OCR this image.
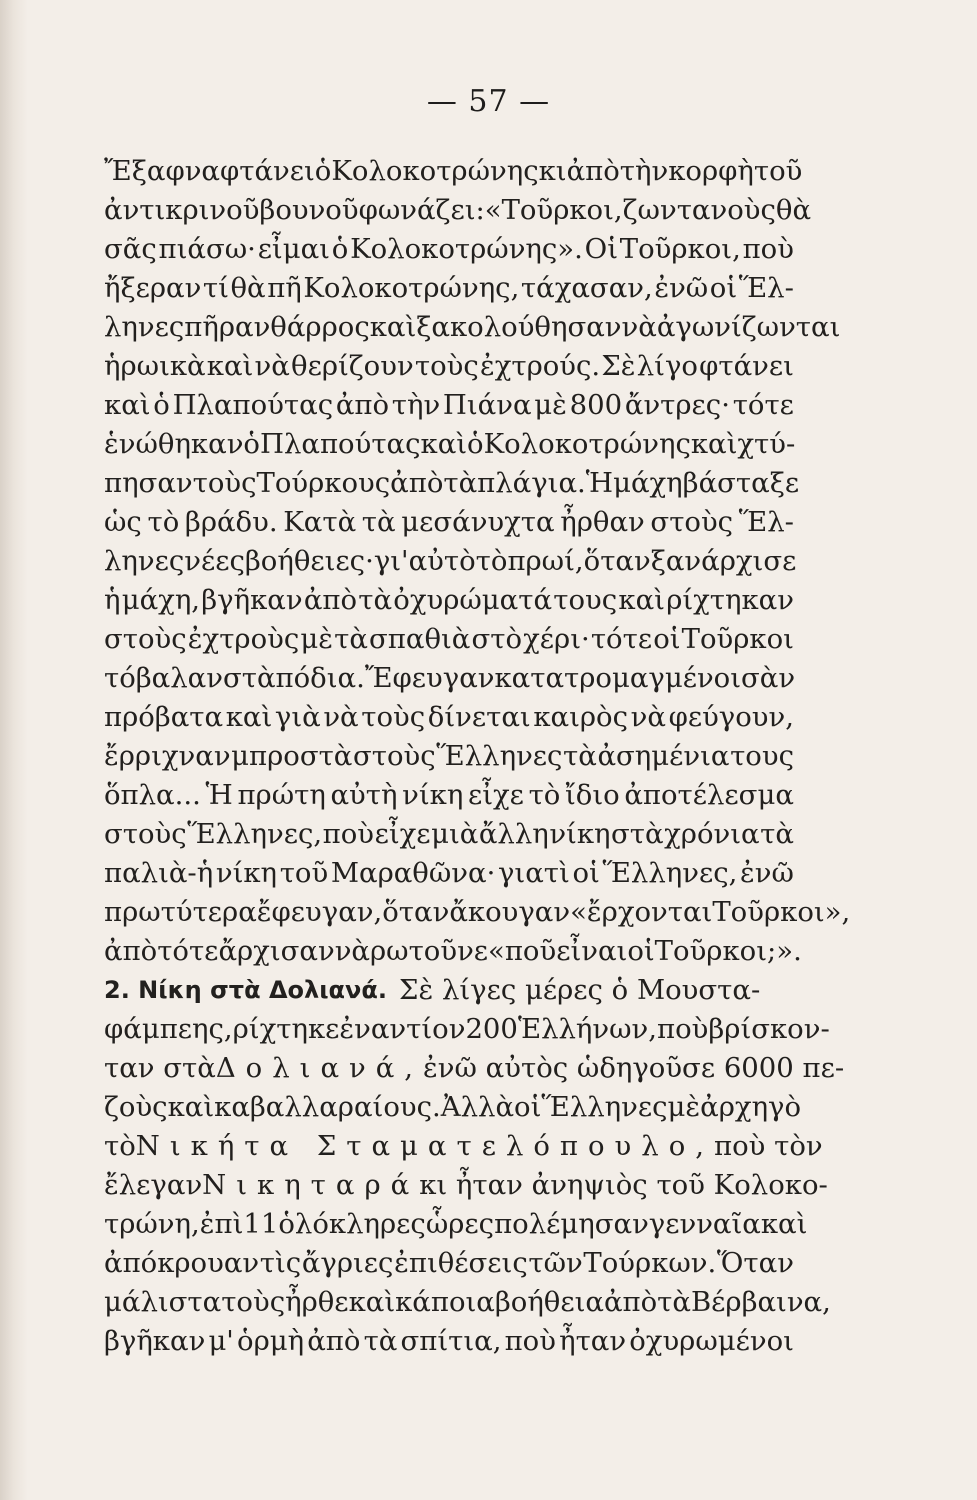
— 57 —
Ἔξαφνα φτάνει ὁ Κολοκοτρώνης κι ἀπὸ τὴν κορφὴ τοῦ
ἀντικρινοῦ βουνοῦ φωνάζει: «Τοῦρκοι, ζωντανοὺς θὰ
σᾶς πιάσω· εἶμαι ὁ Κολοκοτρώνης». Οἱ Τοῦρκοι, ποὺ
ἤξεραν τί θὰ πῆ Κολοκοτρώνης, τάχασαν, ἐνῶ οἱ Ἕλ-
ληνες πῆραν θάρρος καὶ ξακολούθησαν νὰ ἀγωνίζωνται
ἡρωικὰ καὶ νὰ θερίζουν τοὺς ἐχτρούς. Σὲ λίγο φτάνει
καὶ ὁ Πλαπούτας ἀπὸ τὴν Πιάνα μὲ 800 ἄντρες· τότε
ἑνώθηκαν ὁ Πλαπούτας καὶ ὁ Κολοκοτρώνης καὶ χτύ-
πησαν τοὺς Τούρκους ἀπὸ τὰ πλάγια. Ἡ μάχη βάσταξε
ὡς τὸ βράδυ. Κατὰ τὰ μεσάνυχτα ἦρθαν στοὺς Ἕλ-
ληνες νέες βοήθειες· γι' αὐτὸ τὸ πρωί, ὅταν ξανάρχισε
ἡ μάχη, βγῆκαν ἀπὸ τὰ ὀχυρώματά τους καὶ ρίχτηκαν
στοὺς ἐχτροὺς μὲ τὰ σπαθιὰ στὸ χέρι· τότε οἱ Τοῦρκοι
τόβαλαν στὰ πόδια. Ἔφευγαν κατατρομαγμένοι σὰν
πρόβατα καὶ γιὰ νὰ τοὺς δίνεται καιρὸς νὰ φεύγουν,
ἔρριχναν μπροστὰ στοὺς Ἕλληνες τὰ ἀσημένια τους
ὅπλα... Ἡ πρώτη αὐτὴ νίκη εἶχε τὸ ἴδιο ἀποτέλεσμα
στοὺς Ἕλληνες, ποὺ εἶχε μιὰ ἄλλη νίκη στὰ χρόνια τὰ
παλιὰ-ἡ νίκη τοῦ Μαραθῶνα· γιατὶ οἱ Ἕλληνες, ἐνῶ
πρωτύτερα ἔφευγαν, ὅταν ἄκουγαν «ἔρχονται Τοῦρκοι»,
ἀπὸ τότε ἄρχισαν νὰ ρωτοῦνε «ποῦ εἶναι οἱ Τοῦρκοι;».
2. Νίκη στὰ Δολιανά. Σὲ λίγες μέρες ὁ Μουστα-
φάμπεης, ρίχτηκε ἐναντίον 200 Ἑλλήνων, ποὺ βρίσκον-
ταν στὰ Δολιανά, ἐνῶ αὐτὸς ὡδηγοῦσε 6000 πε-
ζοὺς καὶ καβαλλαραίους. Ἀλλὰ οἱ Ἕλληνες μὲ ἀρχηγὸ
τὸ Νικήτα Σταματελόπουλο, ποὺ τὸν
ἔλεγαν Νικηταρά κι ἦταν ἀνηψιὸς τοῦ Κολοκο-
τρώνη, ἐπὶ 11 ὁλόκληρες ὧρες πολέμησαν γενναῖα καὶ
ἀπόκρουαν τὶς ἄγριες ἐπιθέσεις τῶν Τούρκων. Ὅταν
μάλιστα τοὺς ἦρθε καὶ κάποια βοήθεια ἀπὸ τὰ Βέρβαινα,
βγῆκαν μ' ὁρμὴ ἀπὸ τὰ σπίτια, ποὺ ἦταν ὀχυρωμένοι
